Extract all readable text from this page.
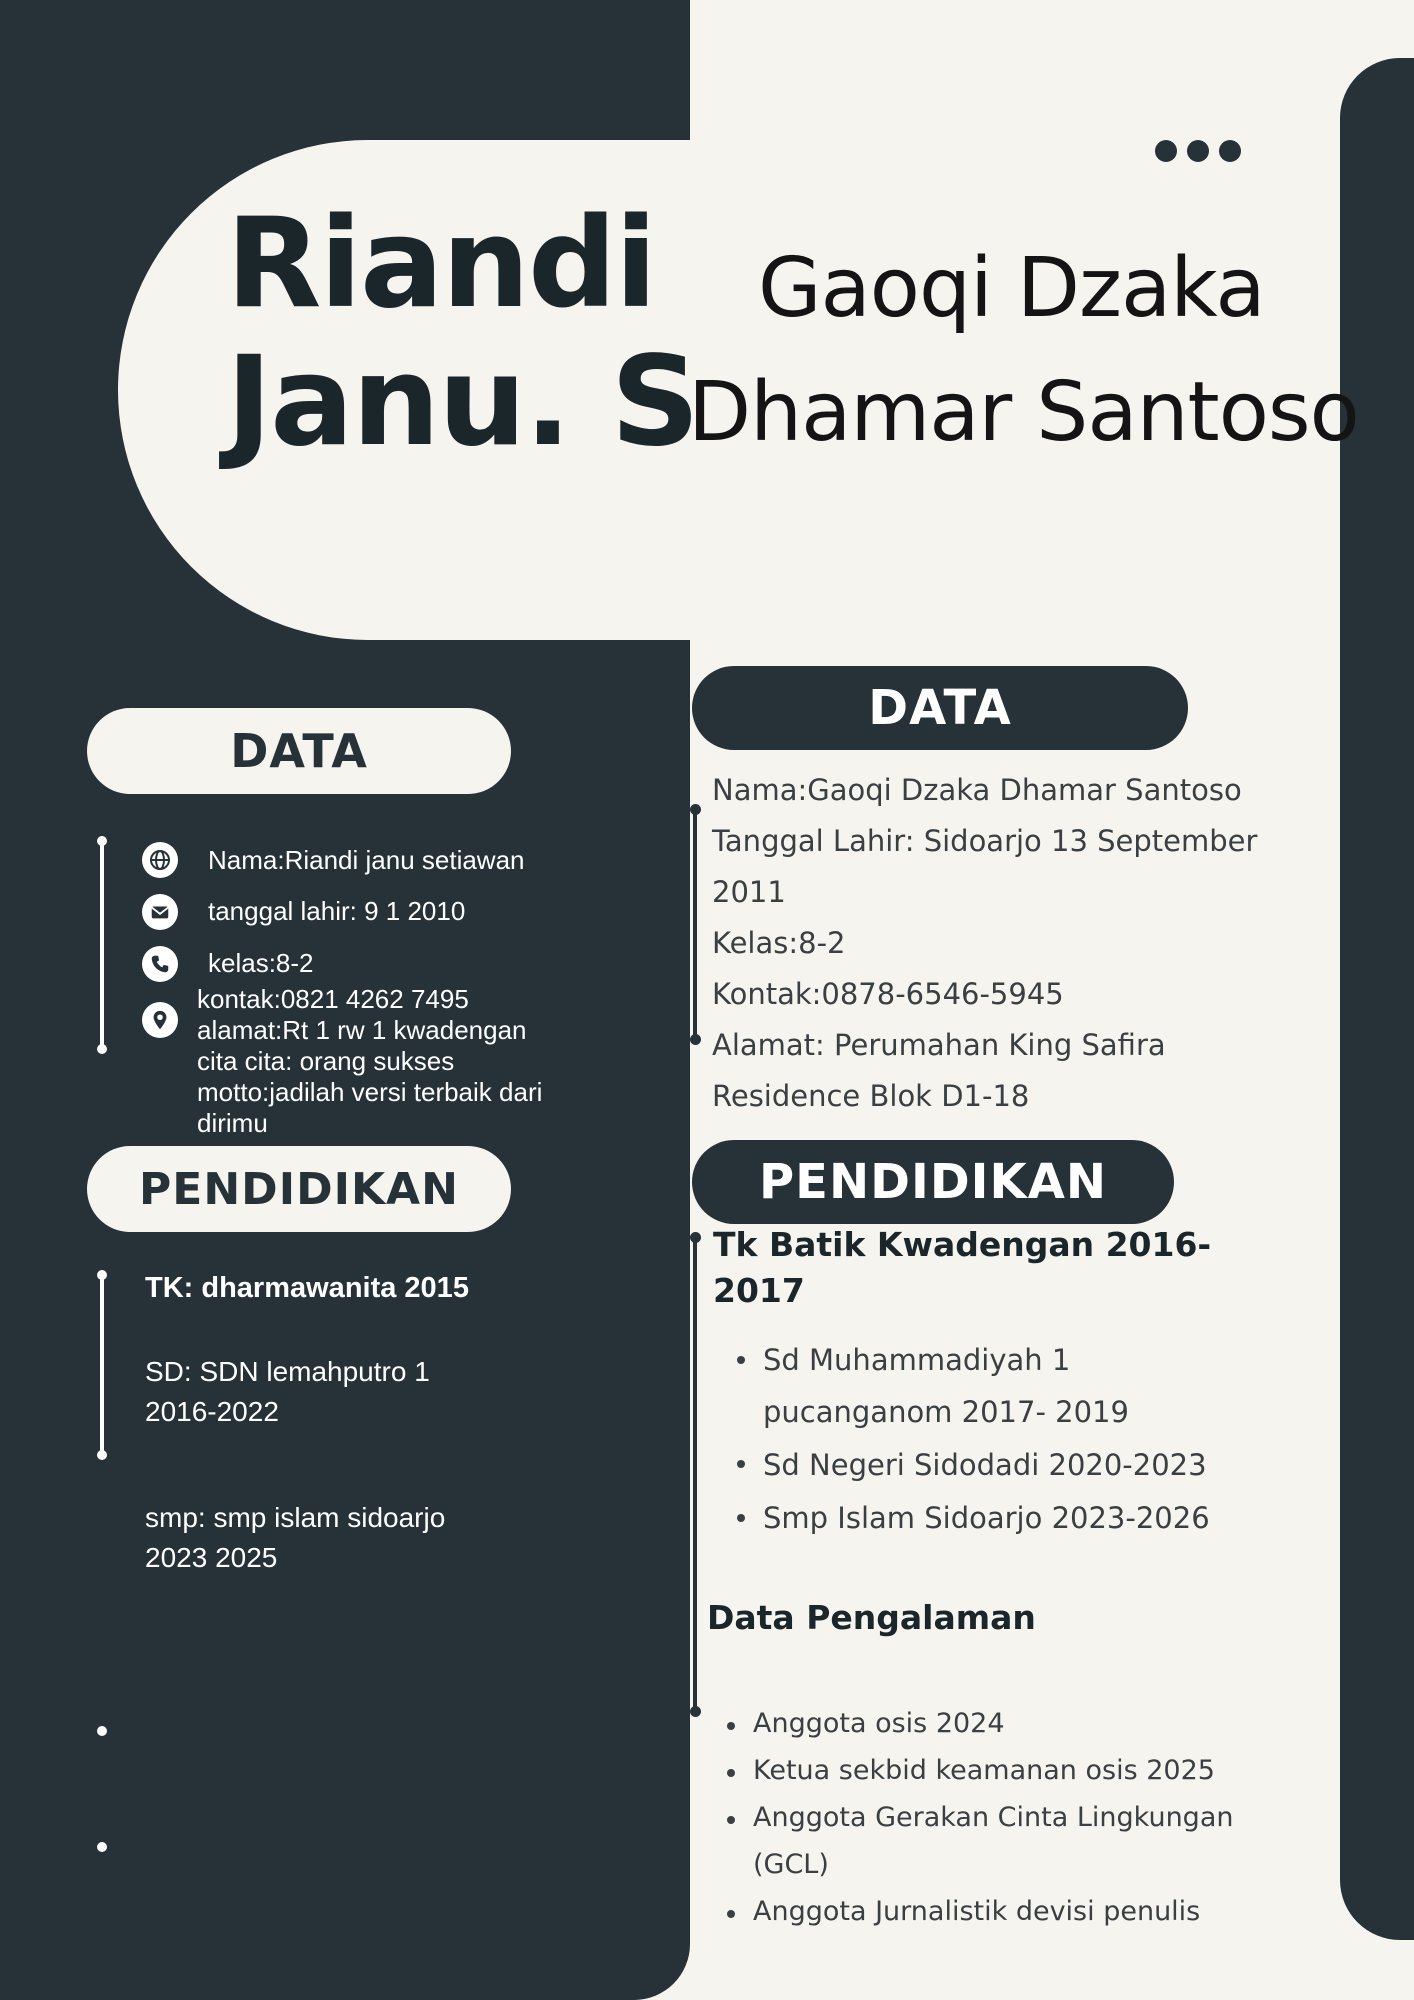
Riandi
Janu. S
Gaoqi Dzaka
Dhamar Santoso
DATA
Nama:Riandi janu setiawan
tanggal lahir: 9 1 2010
kelas:8-2
kontak:0821 4262 7495
alamat:Rt 1 rw 1 kwadengan
cita cita: orang sukses
motto:jadilah versi terbaik dari
dirimu
PENDIDIKAN
TK: dharmawanita 2015
SD: SDN lemahputro 1
2016-2022
smp: smp islam sidoarjo
2023 2025
DATA
Nama:Gaoqi Dzaka Dhamar Santoso
Tanggal Lahir: Sidoarjo 13 September
2011
Kelas:8-2
Kontak:0878-6546-5945
Alamat: Perumahan King Safira
Residence Blok D1-18
PENDIDIKAN
Tk Batik Kwadengan 2016-
2017
Sd Muhammadiyah 1
pucanganom 2017- 2019
Sd Negeri Sidodadi 2020-2023
Smp Islam Sidoarjo 2023-2026
Data Pengalaman
Anggota osis 2024
Ketua sekbid keamanan osis 2025
Anggota Gerakan Cinta Lingkungan
(GCL)
Anggota Jurnalistik devisi penulis
